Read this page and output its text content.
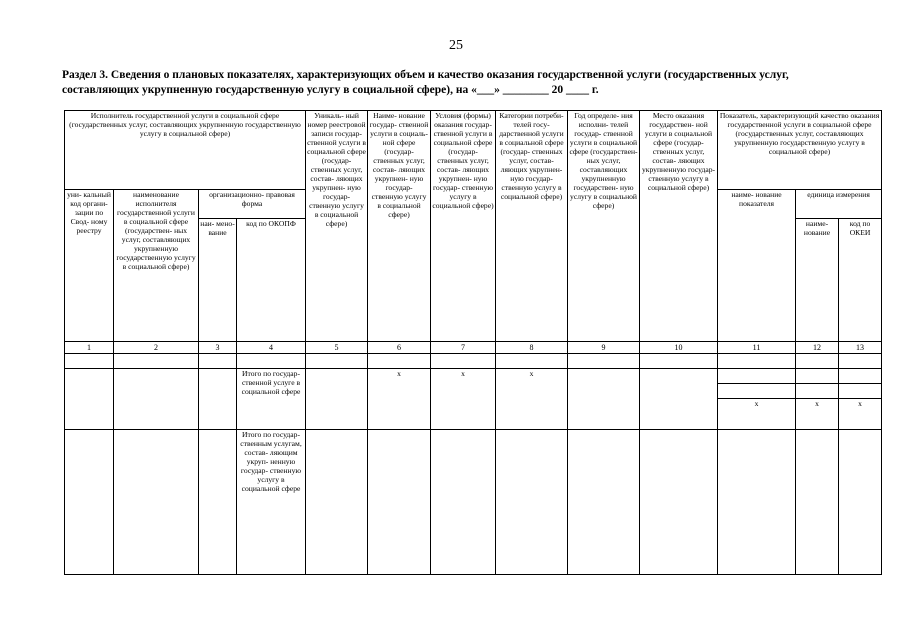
25
Раздел 3. Сведения о плановых показателях, характеризующих объем и качество оказания государственной услуги (государственных услуг, составляющих укрупненную государственную услугу в социальной сфере), на «___» ________ 20 ____ г.
Исполнитель государственной услуги в социальной сфере (государственных услуг, составляющих укрупненную государственную услугу в социальной сфере)				Уникаль- ный номер реестровой записи государ- ственной услуги в социальной сфере (государ- ственных услуг, состав- ляющих укрупнен- ную государ- ственную услугу в социальной сфере)	Наиме- нование государ- ственной услуги в социаль- ной сфере (государ- ственных услуг, состав- ляющих укрупнен- ную государ- ственную услугу в социальной сфере)	Условия (формы) оказания государ- ственной услуги в социальной сфере (государ- ственных услуг, состав- ляющих укрупнен- ную государ- ственную услугу в социальной сфере)	Категории потреби- телей госу- дарственной услуги в социальной сфере (государ- ственных услуг, состав- ляющих укрупнен- ную государ- ственную услугу в социальной сфере)	Год определе- ния исполни- телей государ- ственной услуги в социальной сфере (государствен- ных услуг, составляющих укрупненную государствен- ную услугу в социальной сфере)	Место оказания государствен- ной услуги в социальной сфере (государ- ственных услуг, состав- ляющих укрупненную государ- ственную услугу в социальной сфере)	Показатель, характеризующий качество оказания государственной услуги в социальной сфере (государственных услуг, составляющих укрупненную государственную услугу в социальной сфере)		
уни- кальный код органи- зации по Свод- ному реестру	наименование исполнителя государственной услуги в социальной сфере (государствен- ных услуг, составляющих укрупненную государственную услугу в социальной сфере)	организационно- правовая форма								наиме- нование показателя	единица измерения	
		наи- мено- вание	код по ОКОПФ								наиме- нование	код по ОКЕИ
1	2	3	4	5	6	7	8	9	10	11	12	13

			Итого по государ- ственной услуге в социальной сфере		x	x	x					

										x	x	x
			Итого по государ- ственным услугам, состав- ляющим укруп- ненную государ- ственную услугу в социальной сфере									
